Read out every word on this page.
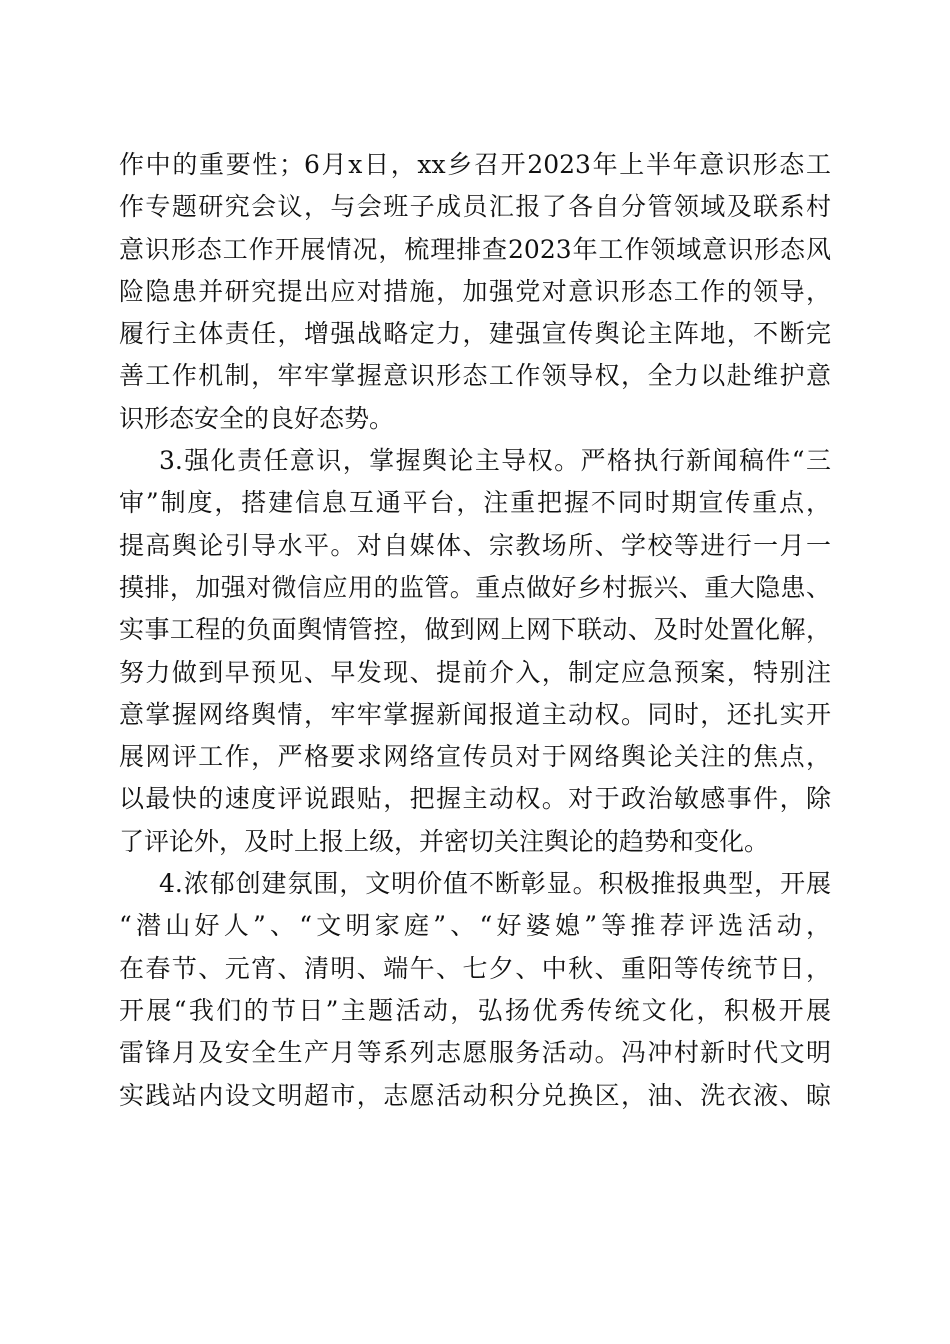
作中的重要性；6月x日，xx乡召开2023年上半年意识形态工
作专题研究会议，与会班子成员汇报了各自分管领域及联系村
意识形态工作开展情况，梳理排查2023年工作领域意识形态风
险隐患并研究提出应对措施，加强党对意识形态工作的领导，
履行主体责任，增强战略定力，建强宣传舆论主阵地，不断完
善工作机制，牢牢掌握意识形态工作领导权，全力以赴维护意
识形态安全的良好态势。
3.强化责任意识，掌握舆论主导权。严格执行新闻稿件“三
审”制度，搭建信息互通平台，注重把握不同时期宣传重点，
提高舆论引导水平。对自媒体、宗教场所、学校等进行一月一
摸排，加强对微信应用的监管。重点做好乡村振兴、重大隐患、
实事工程的负面舆情管控，做到网上网下联动、及时处置化解，
努力做到早预见、早发现、提前介入，制定应急预案，特别注
意掌握网络舆情，牢牢掌握新闻报道主动权。同时，还扎实开
展网评工作，严格要求网络宣传员对于网络舆论关注的焦点，
以最快的速度评说跟贴，把握主动权。对于政治敏感事件，除
了评论外，及时上报上级，并密切关注舆论的趋势和变化。
4.浓郁创建氛围，文明价值不断彰显。积极推报典型，开展
“潜山好人”、“文明家庭”、“好婆媳”等推荐评选活动，
在春节、元宵、清明、端午、七夕、中秋、重阳等传统节日，
开展“我们的节日”主题活动，弘扬优秀传统文化，积极开展
雷锋月及安全生产月等系列志愿服务活动。冯冲村新时代文明
实践站内设文明超市，志愿活动积分兑换区，油、洗衣液、晾
